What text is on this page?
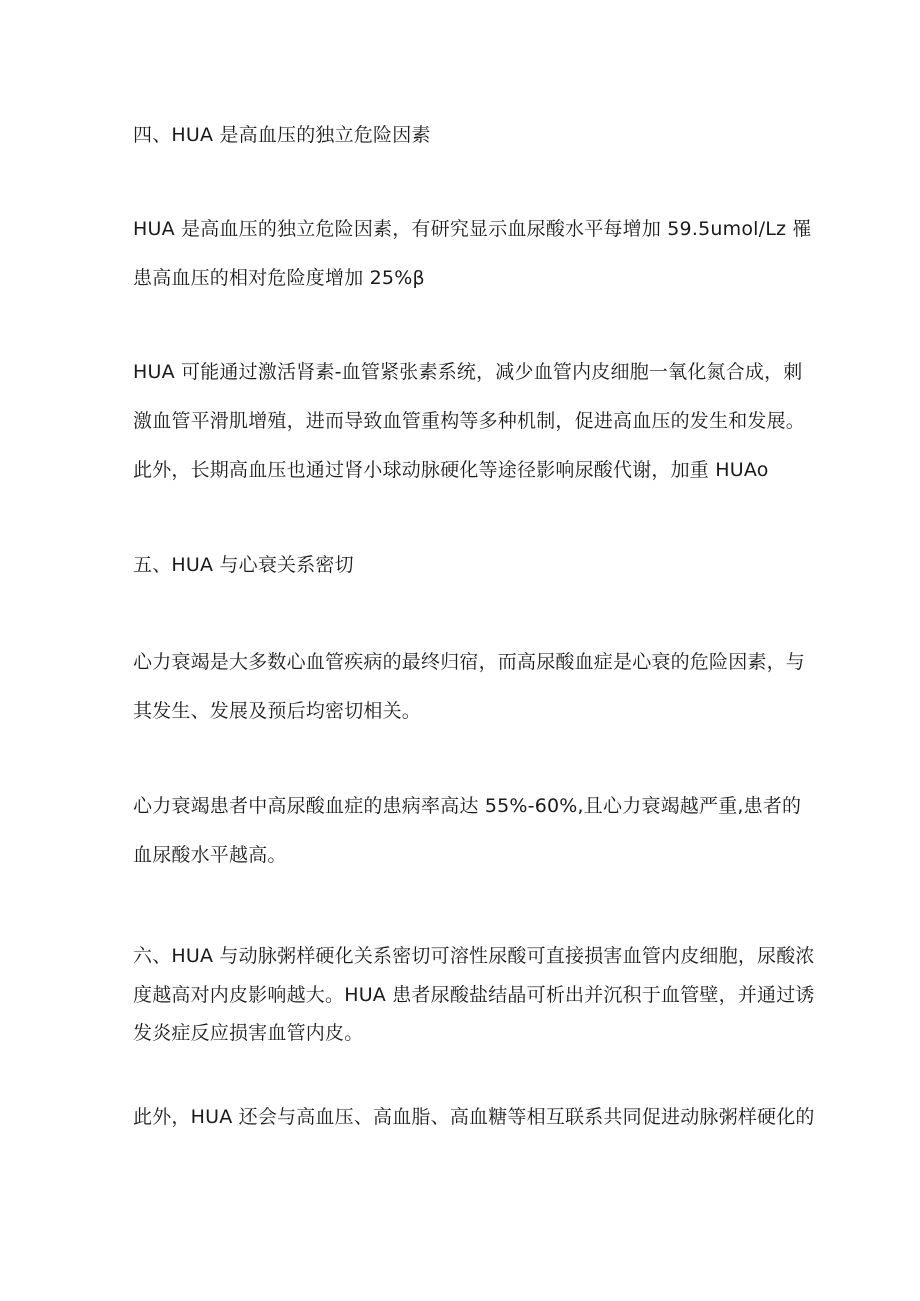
四、HUA 是高血压的独立危险因素
HUA 是高血压的独立危险因素，有研究显示血尿酸水平每增加 59.5umol/Lz 罹
患高血压的相对危险度增加 25%β
HUA 可能通过激活肾素-血管紧张素系统，减少血管内皮细胞一氧化氮合成，刺
激血管平滑肌增殖，进而导致血管重构等多种机制，促进高血压的发生和发展。
此外，长期高血压也通过肾小球动脉硬化等途径影响尿酸代谢，加重 HUAo
五、HUA 与心衰关系密切
心力衰竭是大多数心血管疾病的最终归宿，而高尿酸血症是心衰的危险因素，与
其发生、发展及预后均密切相关。
心力衰竭患者中高尿酸血症的患病率高达 55%-60%,且心力衰竭越严重,患者的
血尿酸水平越高。
六、HUA 与动脉粥样硬化关系密切可溶性尿酸可直接损害血管内皮细胞，尿酸浓
度越高对内皮影响越大。HUA 患者尿酸盐结晶可析出并沉积于血管壁，并通过诱
发炎症反应损害血管内皮。
此外，HUA 还会与高血压、高血脂、高血糖等相互联系共同促进动脉粥样硬化的
